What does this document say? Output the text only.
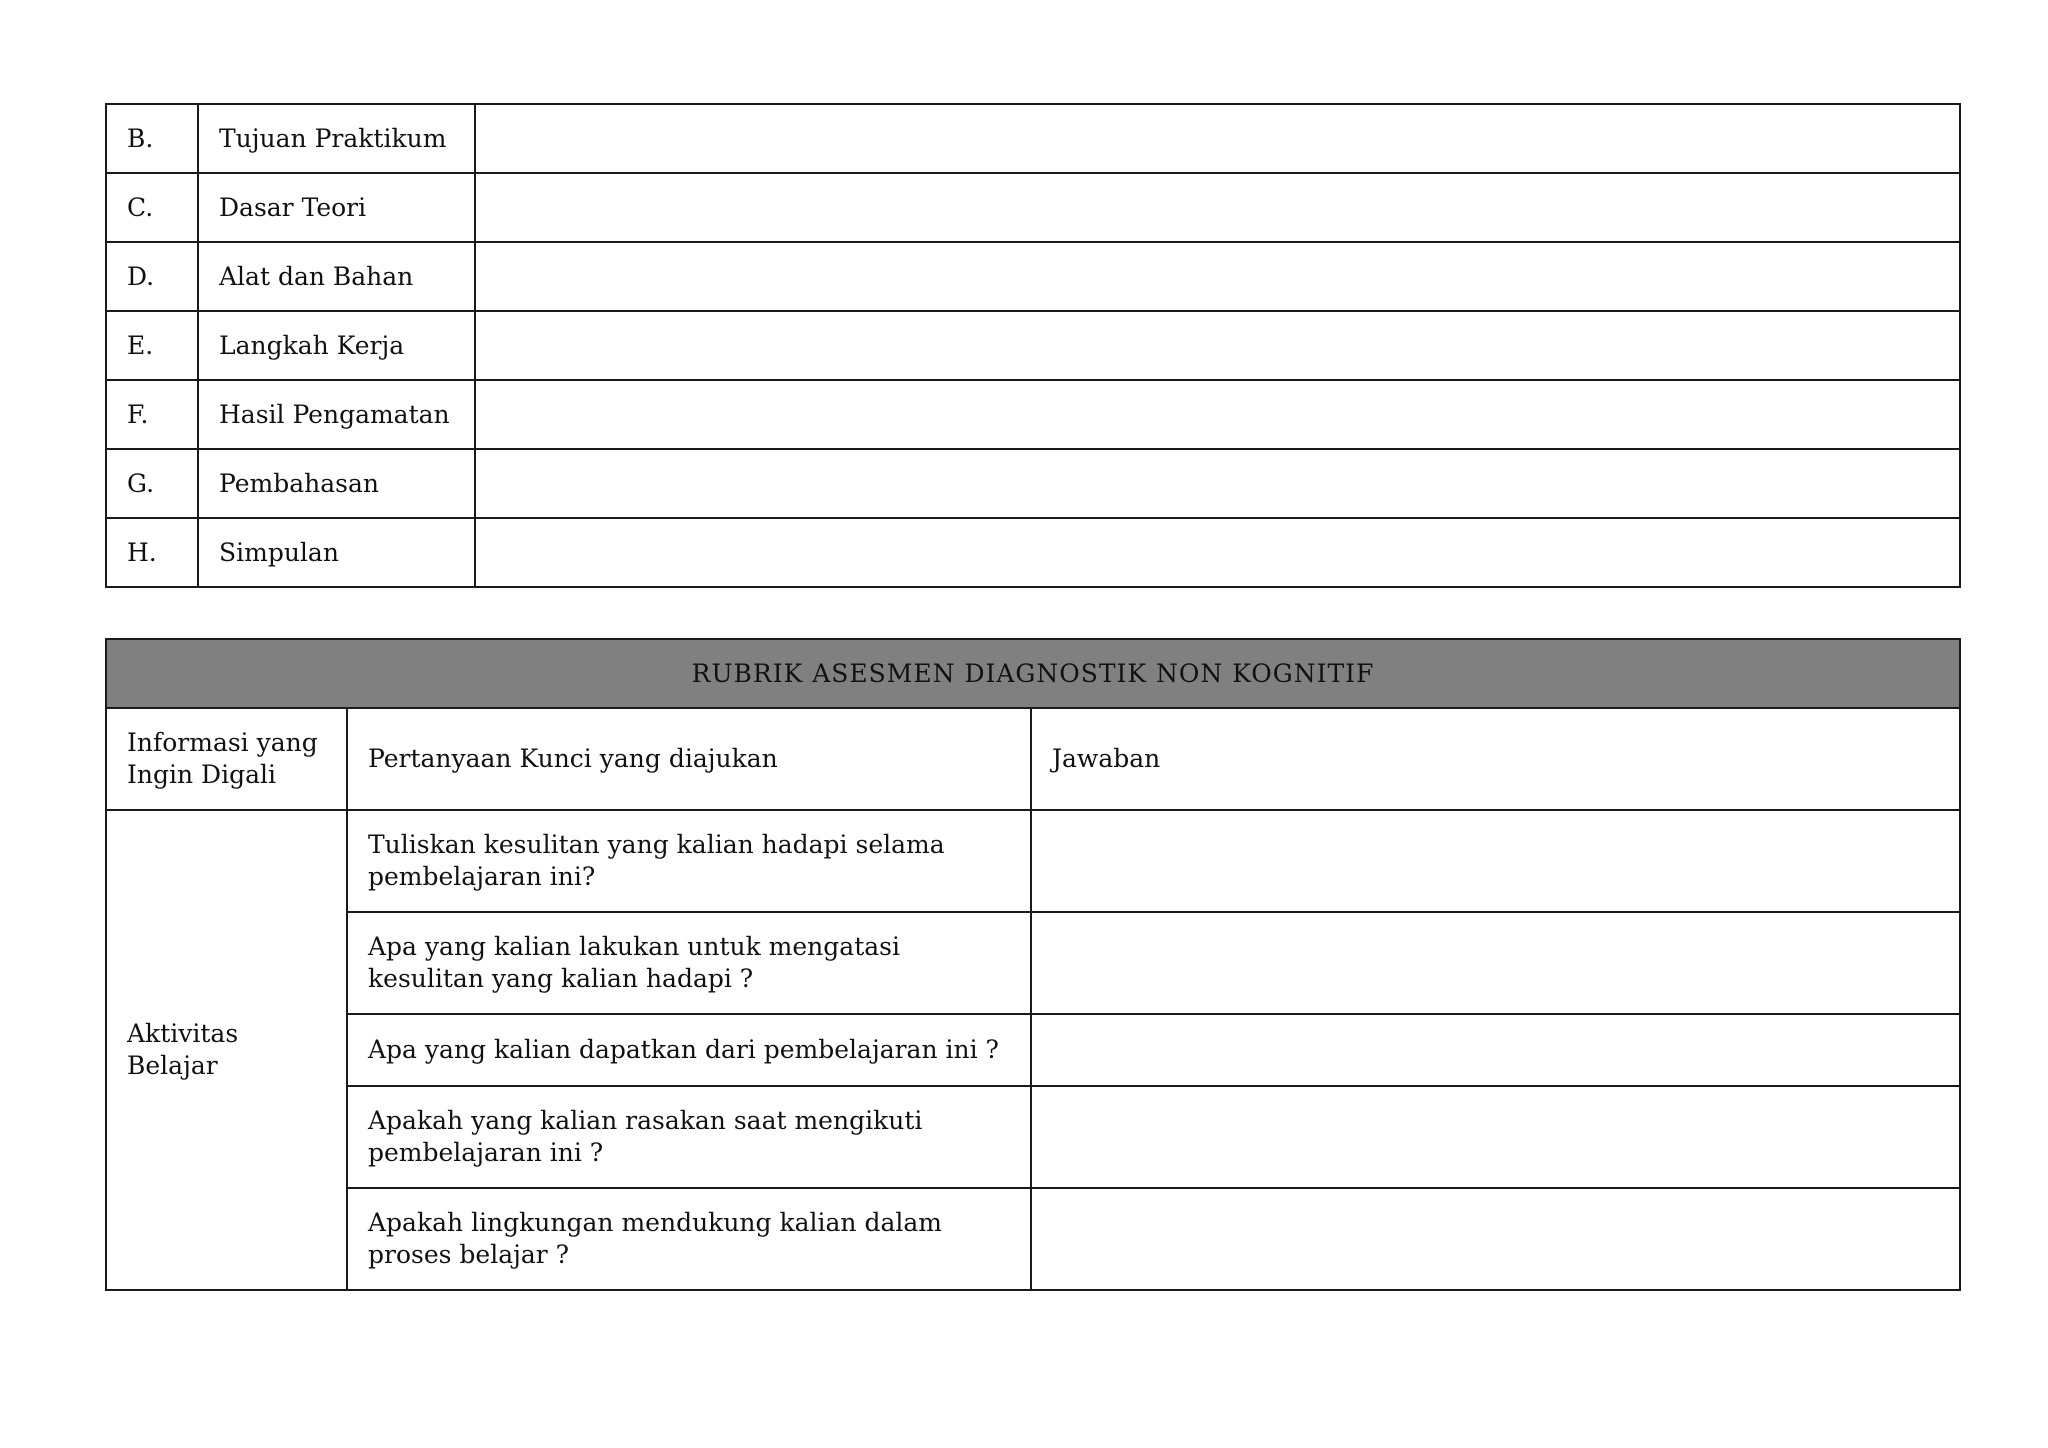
B.	Tujuan Praktikum	
C.	Dasar Teori	
D.	Alat dan Bahan	
E.	Langkah Kerja	
F.	Hasil Pengamatan	
G.	Pembahasan	
H.	Simpulan	
RUBRIK ASESMEN DIAGNOSTIK NON KOGNITIF		
Informasi yang Ingin Digali	Pertanyaan Kunci yang diajukan	Jawaban
Aktivitas Belajar	Tuliskan kesulitan yang kalian hadapi selama pembelajaran ini?	
	Apa yang kalian lakukan untuk mengatasi kesulitan yang kalian hadapi ?	
	Apa yang kalian dapatkan dari pembelajaran ini ?	
	Apakah yang kalian rasakan saat mengikuti pembelajaran ini ?	
	Apakah lingkungan mendukung kalian dalam proses belajar ?	
